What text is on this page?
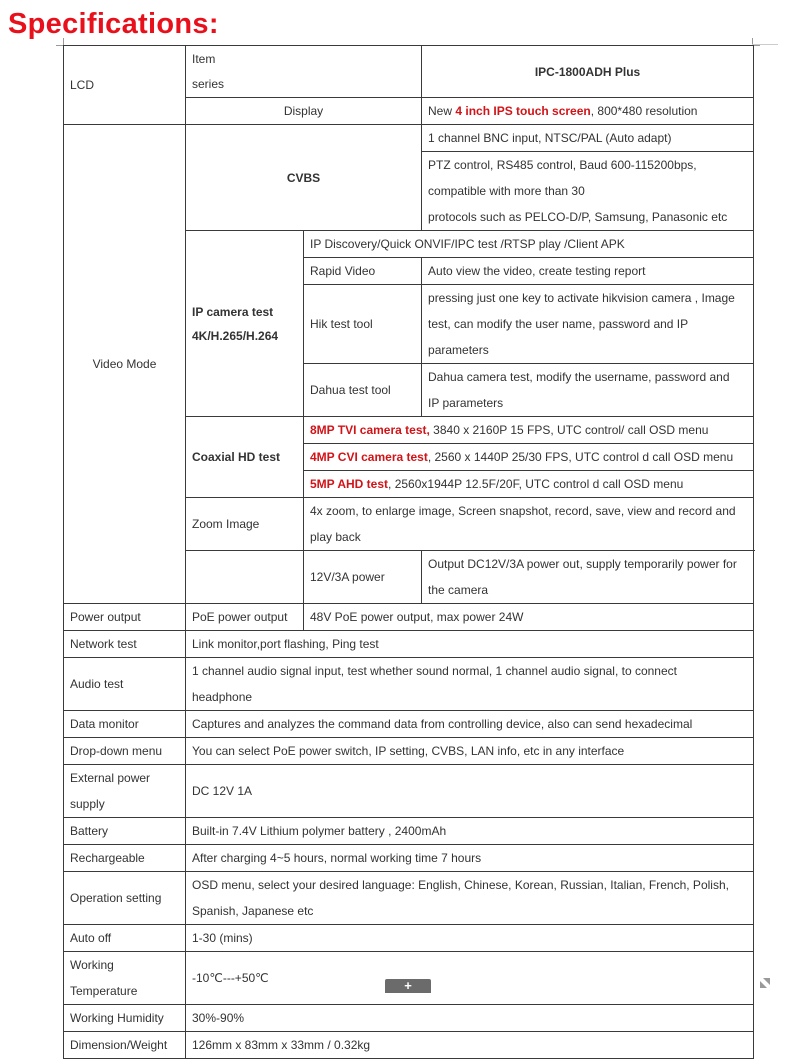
Specifications:
LCD	Item
series		IPC-1800ADH Plus
	Display		New 4 inch IPS touch screen, 800*480 resolution
Video Mode	CVBS		1 channel BNC input, NTSC/PAL (Auto adapt)
			PTZ control, RS485 control, Baud 600-115200bps, compatible with more than 30
protocols such as PELCO-D/P, Samsung, Panasonic etc
	IP camera test
4K/H.265/H.264	IP Discovery/Quick ONVIF/IPC test /RTSP play /Client APK	
		Rapid Video	Auto view the video, create testing report
		Hik test tool	pressing just one key to activate hikvision camera , Image
test, can modify the user name, password and IP
parameters
		Dahua test tool	Dahua camera test, modify the username, password and
IP parameters

	Coaxial HD test	8MP TVI camera test, 3840 x 2160P 15 FPS, UTC control/ call OSD menu	
		4MP CVI camera test, 2560 x 1440P 25/30 FPS, UTC control d call OSD menu	
		5MP AHD test, 2560x1944P 12.5F/20F, UTC control d call OSD menu	
	Zoom Image	4x zoom, to enlarge image, Screen snapshot, record, save, view and record and
play back	

		12V/3A power	Output DC12V/3A power out, supply temporarily power for the camera
Power output	PoE power output	48V PoE power output, max power 24W	
Network test	Link monitor,port flashing, Ping test		
Audio test	1 channel audio signal input, test whether sound normal, 1 channel audio signal, to connect
headphone		
Data monitor	Captures and analyzes the command data from controlling device, also can send hexadecimal		
Drop-down menu	You can select PoE power switch, IP setting, CVBS, LAN info, etc in any interface		
External power
supply	DC 12V 1A		
Battery	Built-in 7.4V Lithium polymer battery , 2400mAh		
Rechargeable	After charging 4~5 hours, normal working time 7 hours		
Operation setting	OSD menu, select your desired language: English, Chinese, Korean, Russian, Italian, French, Polish,
Spanish, Japanese etc		
Auto off	1-30 (mins)		
Working
Temperature	-10℃---+50℃		
Working Humidity	30%-90%		
Dimension/Weight	126mm x 83mm x 33mm / 0.32kg		
+
